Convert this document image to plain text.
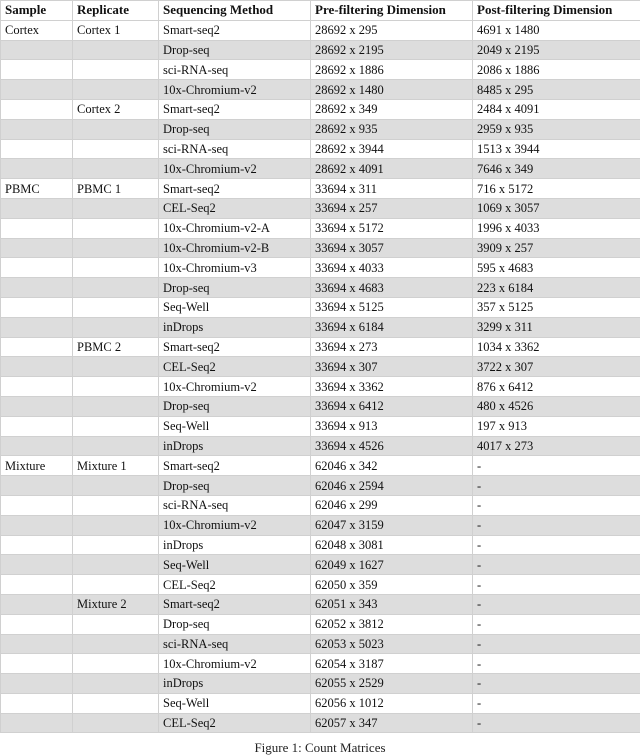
Sample	Replicate	Sequencing Method	Pre-filtering Dimension	Post-filtering Dimension
Cortex	Cortex 1	Smart-seq2	28692 x 295	4691 x 1480
		Drop-seq	28692 x 2195	2049 x 2195
		sci-RNA-seq	28692 x 1886	2086 x 1886
		10x-Chromium-v2	28692 x 1480	8485 x 295
	Cortex 2	Smart-seq2	28692 x 349	2484 x 4091
		Drop-seq	28692 x 935	2959 x 935
		sci-RNA-seq	28692 x 3944	1513 x 3944
		10x-Chromium-v2	28692 x 4091	7646 x 349
PBMC	PBMC 1	Smart-seq2	33694 x 311	716 x 5172
		CEL-Seq2	33694 x 257	1069 x 3057
		10x-Chromium-v2-A	33694 x 5172	1996 x 4033
		10x-Chromium-v2-B	33694 x 3057	3909 x 257
		10x-Chromium-v3	33694 x 4033	595 x 4683
		Drop-seq	33694 x 4683	223 x 6184
		Seq-Well	33694 x 5125	357 x 5125
		inDrops	33694 x 6184	3299 x 311
	PBMC 2	Smart-seq2	33694 x 273	1034 x 3362
		CEL-Seq2	33694 x 307	3722 x 307
		10x-Chromium-v2	33694 x 3362	876 x 6412
		Drop-seq	33694 x 6412	480 x 4526
		Seq-Well	33694 x 913	197 x 913
		inDrops	33694 x 4526	4017 x 273
Mixture	Mixture 1	Smart-seq2	62046 x 342	-
		Drop-seq	62046 x 2594	-
		sci-RNA-seq	62046 x 299	-
		10x-Chromium-v2	62047 x 3159	-
		inDrops	62048 x 3081	-
		Seq-Well	62049 x 1627	-
		CEL-Seq2	62050 x 359	-
	Mixture 2	Smart-seq2	62051 x 343	-
		Drop-seq	62052 x 3812	-
		sci-RNA-seq	62053 x 5023	-
		10x-Chromium-v2	62054 x 3187	-
		inDrops	62055 x 2529	-
		Seq-Well	62056 x 1012	-
		CEL-Seq2	62057 x 347	-
Figure 1: Count Matrices
